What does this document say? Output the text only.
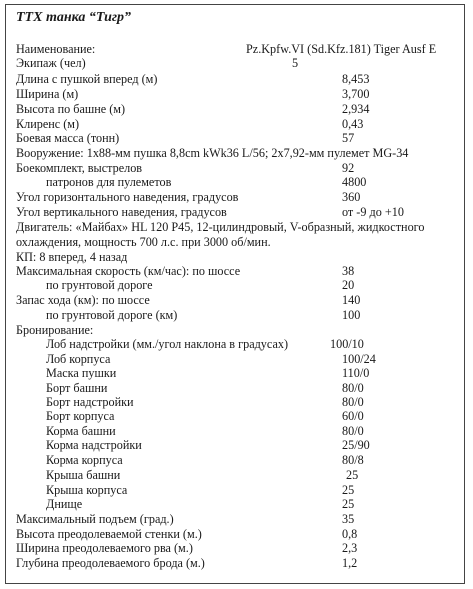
ТТХ танка “Тигр”
Наименование:	Pz.Kpfw.VI (Sd.Kfz.181) Tiger Ausf E
Экипаж (чел)	5
Длина с пушкой вперед (м)	8,453
Ширина (м)	3,700
Высота по башне (м)	2,934
Клиренс (м)	0,43
Боевая масса (тонн)	57
Вооружение: 1x88-мм пушка 8,8cm kWk36 L/56; 2x7,92-мм пулемет MG-34
Боекомплект, выстрелов	92
патронов для пулеметов	4800
Угол горизонтального наведения, градусов	360
Угол вертикального наведения, градусов	от -9 до +10
Двигатель: «Майбах» HL 120 P45, 12-цилиндровый, V-образный, жидкостного
охлаждения, мощность 700 л.с. при 3000 об/мин.
КП: 8 вперед, 4 назад
Максимальная скорость (км/час): по шоссе	38
по грунтовой дороге	20
Запас хода (км): по шоссе	140
по грунтовой дороге (км)	100
Бронирование:
Лоб надстройки (мм./угол наклона в градусах)	100/10
Лоб корпуса	100/24
Маска пушки	110/0
Борт башни	80/0
Борт надстройки	80/0
Борт корпуса	60/0
Корма башни	80/0
Корма надстройки	25/90
Корма корпуса	80/8
Крыша башни	25
Крыша корпуса	25
Днище	25
Максимальный подъем (град.)	35
Высота преодолеваемой стенки (м.)	0,8
Ширина преодолеваемого рва (м.)	2,3
Глубина преодолеваемого брода (м.)	1,2
